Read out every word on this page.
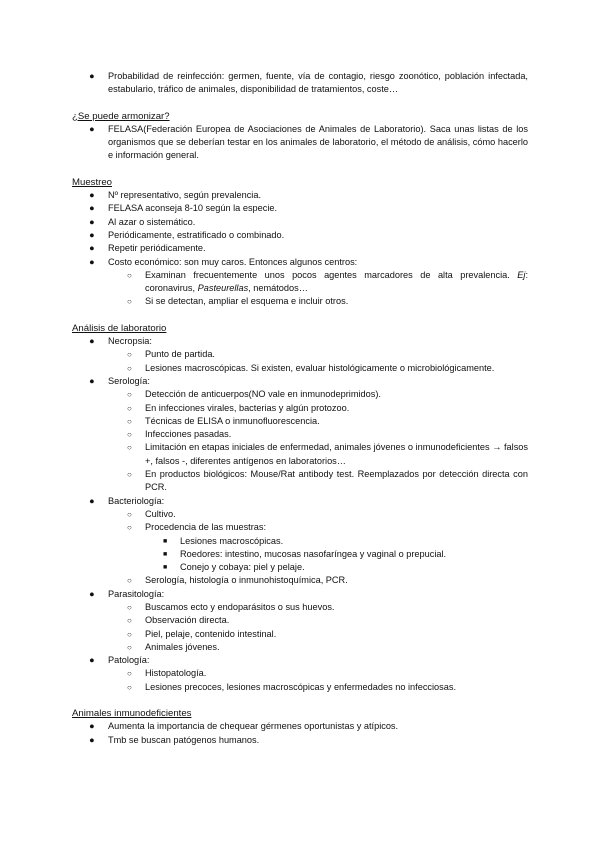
● Probabilidad de reinfección: germen, fuente, vía de contagio, riesgo zoonótico, población infectada, estabulario, tráfico de animales, disponibilidad de tratamientos, coste…
¿Se puede armonizar?
● FELASA(Federación Europea de Asociaciones de Animales de Laboratorio). Saca unas listas de los organismos que se deberían testar en los animales de laboratorio, el método de análisis, cómo hacerlo e información general.
Muestreo
● Nº representativo, según prevalencia.
● FELASA aconseja 8-10 según la especie.
● Al azar o sistemático.
● Periódicamente, estratificado o combinado.
● Repetir periódicamente.
● Costo económico: son muy caros. Entonces algunos centros:
○ Examinan frecuentemente unos pocos agentes marcadores de alta prevalencia. Ej: coronavirus, Pasteurellas, nemátodos…
○ Si se detectan, ampliar el esquema e incluir otros.
Análisis de laboratorio
● Necropsia:
○ Punto de partida.
○ Lesiones macroscópicas. Si existen, evaluar histológicamente o microbiológicamente.
● Serología:
○ Detección de anticuerpos(NO vale en inmunodeprimidos).
○ En infecciones virales, bacterias y algún protozoo.
○ Técnicas de ELISA o inmunofluorescencia.
○ Infecciones pasadas.
○ Limitación en etapas iniciales de enfermedad, animales jóvenes o inmunodeficientes → falsos +, falsos -, diferentes antígenos en laboratorios…
○ En productos biológicos: Mouse/Rat antibody test. Reemplazados por detección directa con PCR.
● Bacteriología:
○ Cultivo.
○ Procedencia de las muestras:
■ Lesiones macroscópicas.
■ Roedores: intestino, mucosas nasofaríngea y vaginal o prepucial.
■ Conejo y cobaya: piel y pelaje.
○ Serología, histología o inmunohistoquímica, PCR.
● Parasitología:
○ Buscamos ecto y endoparásitos o sus huevos.
○ Observación directa.
○ Piel, pelaje, contenido intestinal.
○ Animales jóvenes.
● Patología:
○ Histopatología.
○ Lesiones precoces, lesiones macroscópicas y enfermedades no infecciosas.
Animales inmunodeficientes
● Aumenta la importancia de chequear gérmenes oportunistas y atípicos.
● Tmb se buscan patógenos humanos.
